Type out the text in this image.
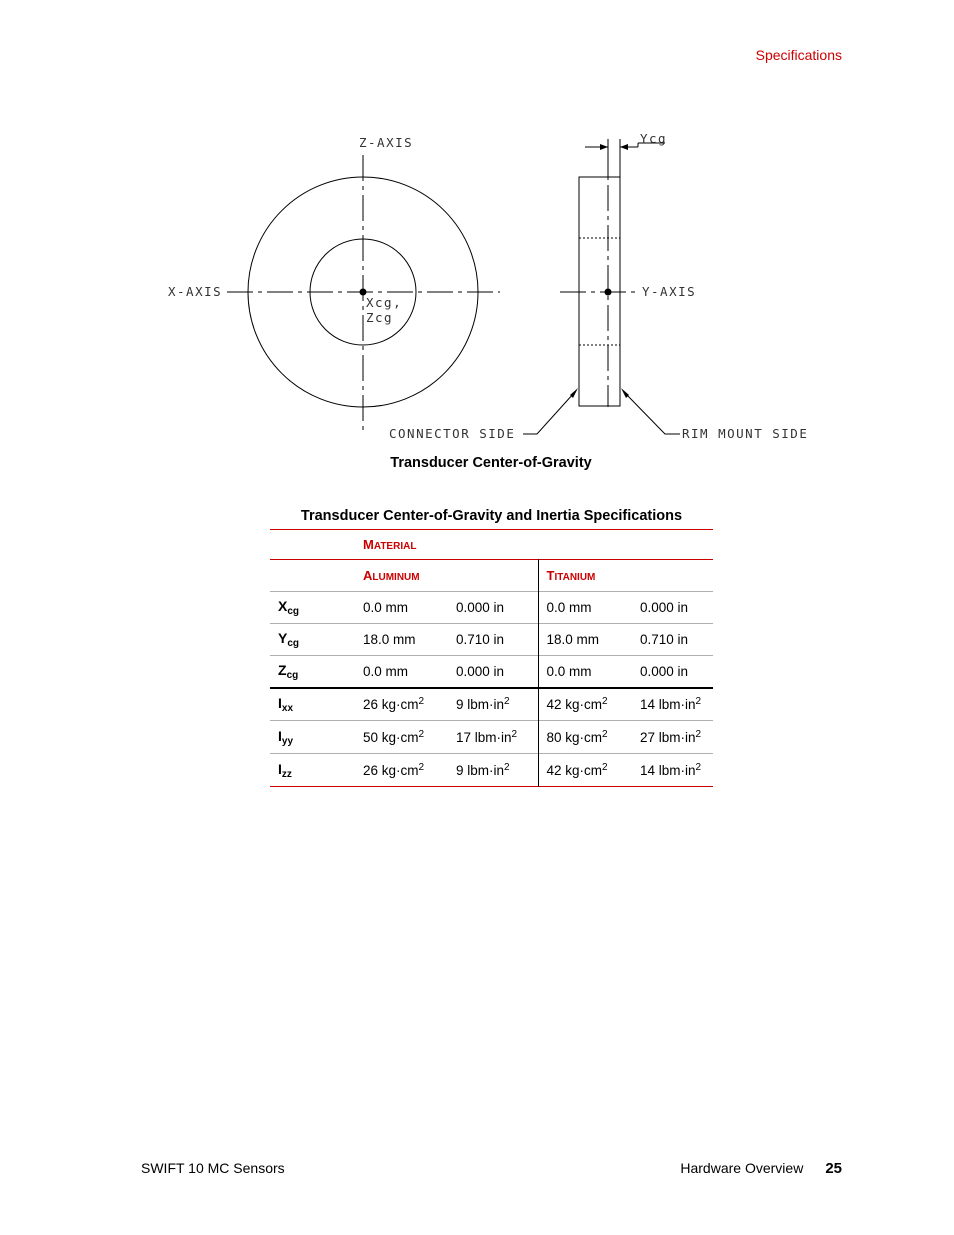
Specifications
Z-AXIS
X-AXIS
Xcg,
Zcg
Ycg
Y-AXIS
CONNECTOR SIDE	RIM MOUNT SIDE
Transducer Center-of-Gravity
Transducer Center-of-Gravity and Inertia Specifications
	MATERIAL			
	ALUMINUM		TITANIUM	
$X_{cg}$	0.0 mm	0.000 in	0.0 mm	0.000 in
$Y_{cg}$	18.0 mm	0.710 in	18.0 mm	0.710 in
$Z_{cg}$	0.0 mm	0.000 in	0.0 mm	0.000 in
$I_{xx}$	26 $kg\cdot cm^2$	9 $lbm\cdot in^2$	42 $kg\cdot cm^2$	14 $lbm\cdot in^2$
$I_{yy}$	50 $kg\cdot cm^2$	17 $lbm\cdot in^2$	80 $kg\cdot cm^2$	27 $lbm\cdot in^2$
$I_{zz}$	26 $kg\cdot cm^2$	9 $lbm\cdot in^2$	42 $kg\cdot cm^2$	14 $lbm\cdot in^2$
SWIFT 10 MC Sensors	Hardware Overview 25
